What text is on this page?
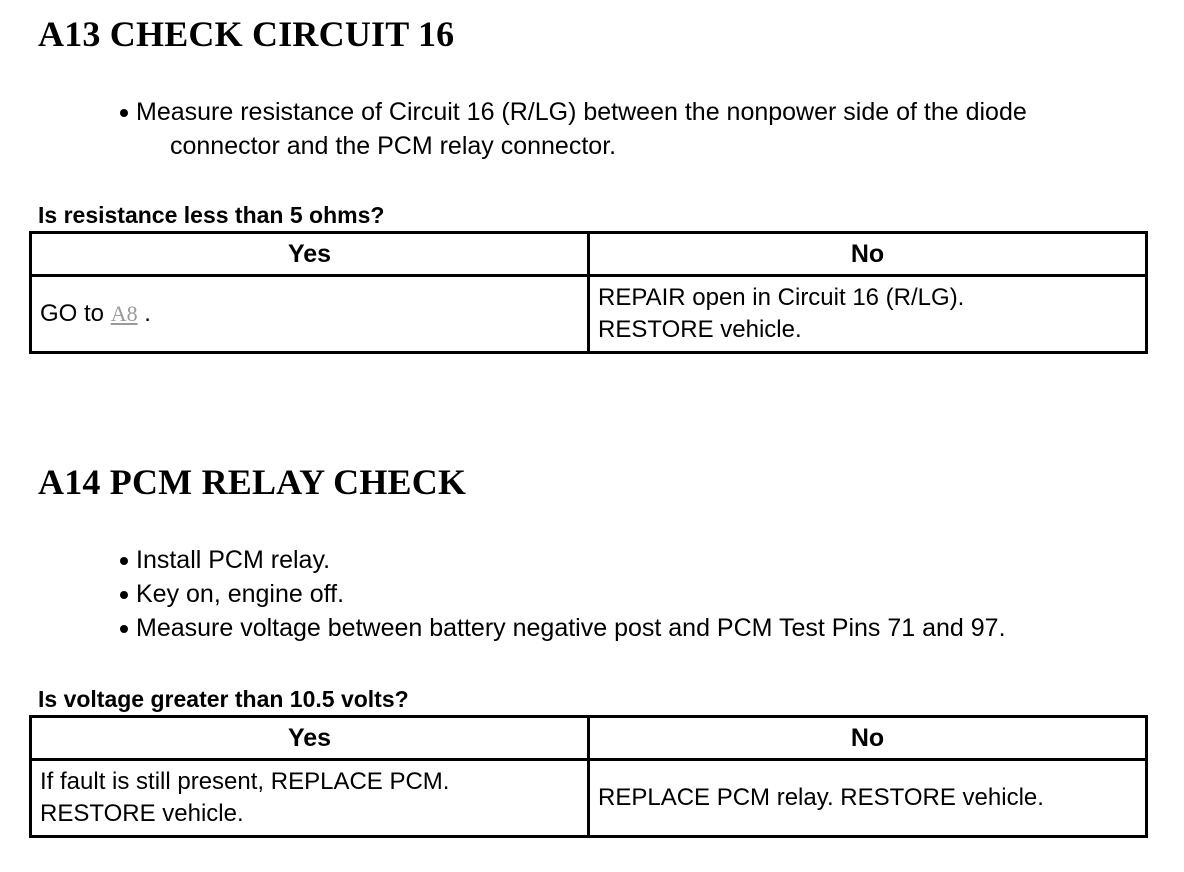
A13 CHECK CIRCUIT 16
Measure resistance of Circuit 16 (R/LG) between the nonpower side of the diode connector and the PCM relay connector.

Is resistance less than 5 ohms?

Yes	No
GO to A8 .	REPAIR open in Circuit 16 (R/LG).
RESTORE vehicle.
A14 PCM RELAY CHECK
Install PCM relay.
Key on, engine off.
Measure voltage between battery negative post and PCM Test Pins 71 and 97.

Is voltage greater than 10.5 volts?

Yes	No

If fault is still present, REPLACE PCM.
RESTORE vehicle.	REPLACE PCM relay. RESTORE vehicle.
